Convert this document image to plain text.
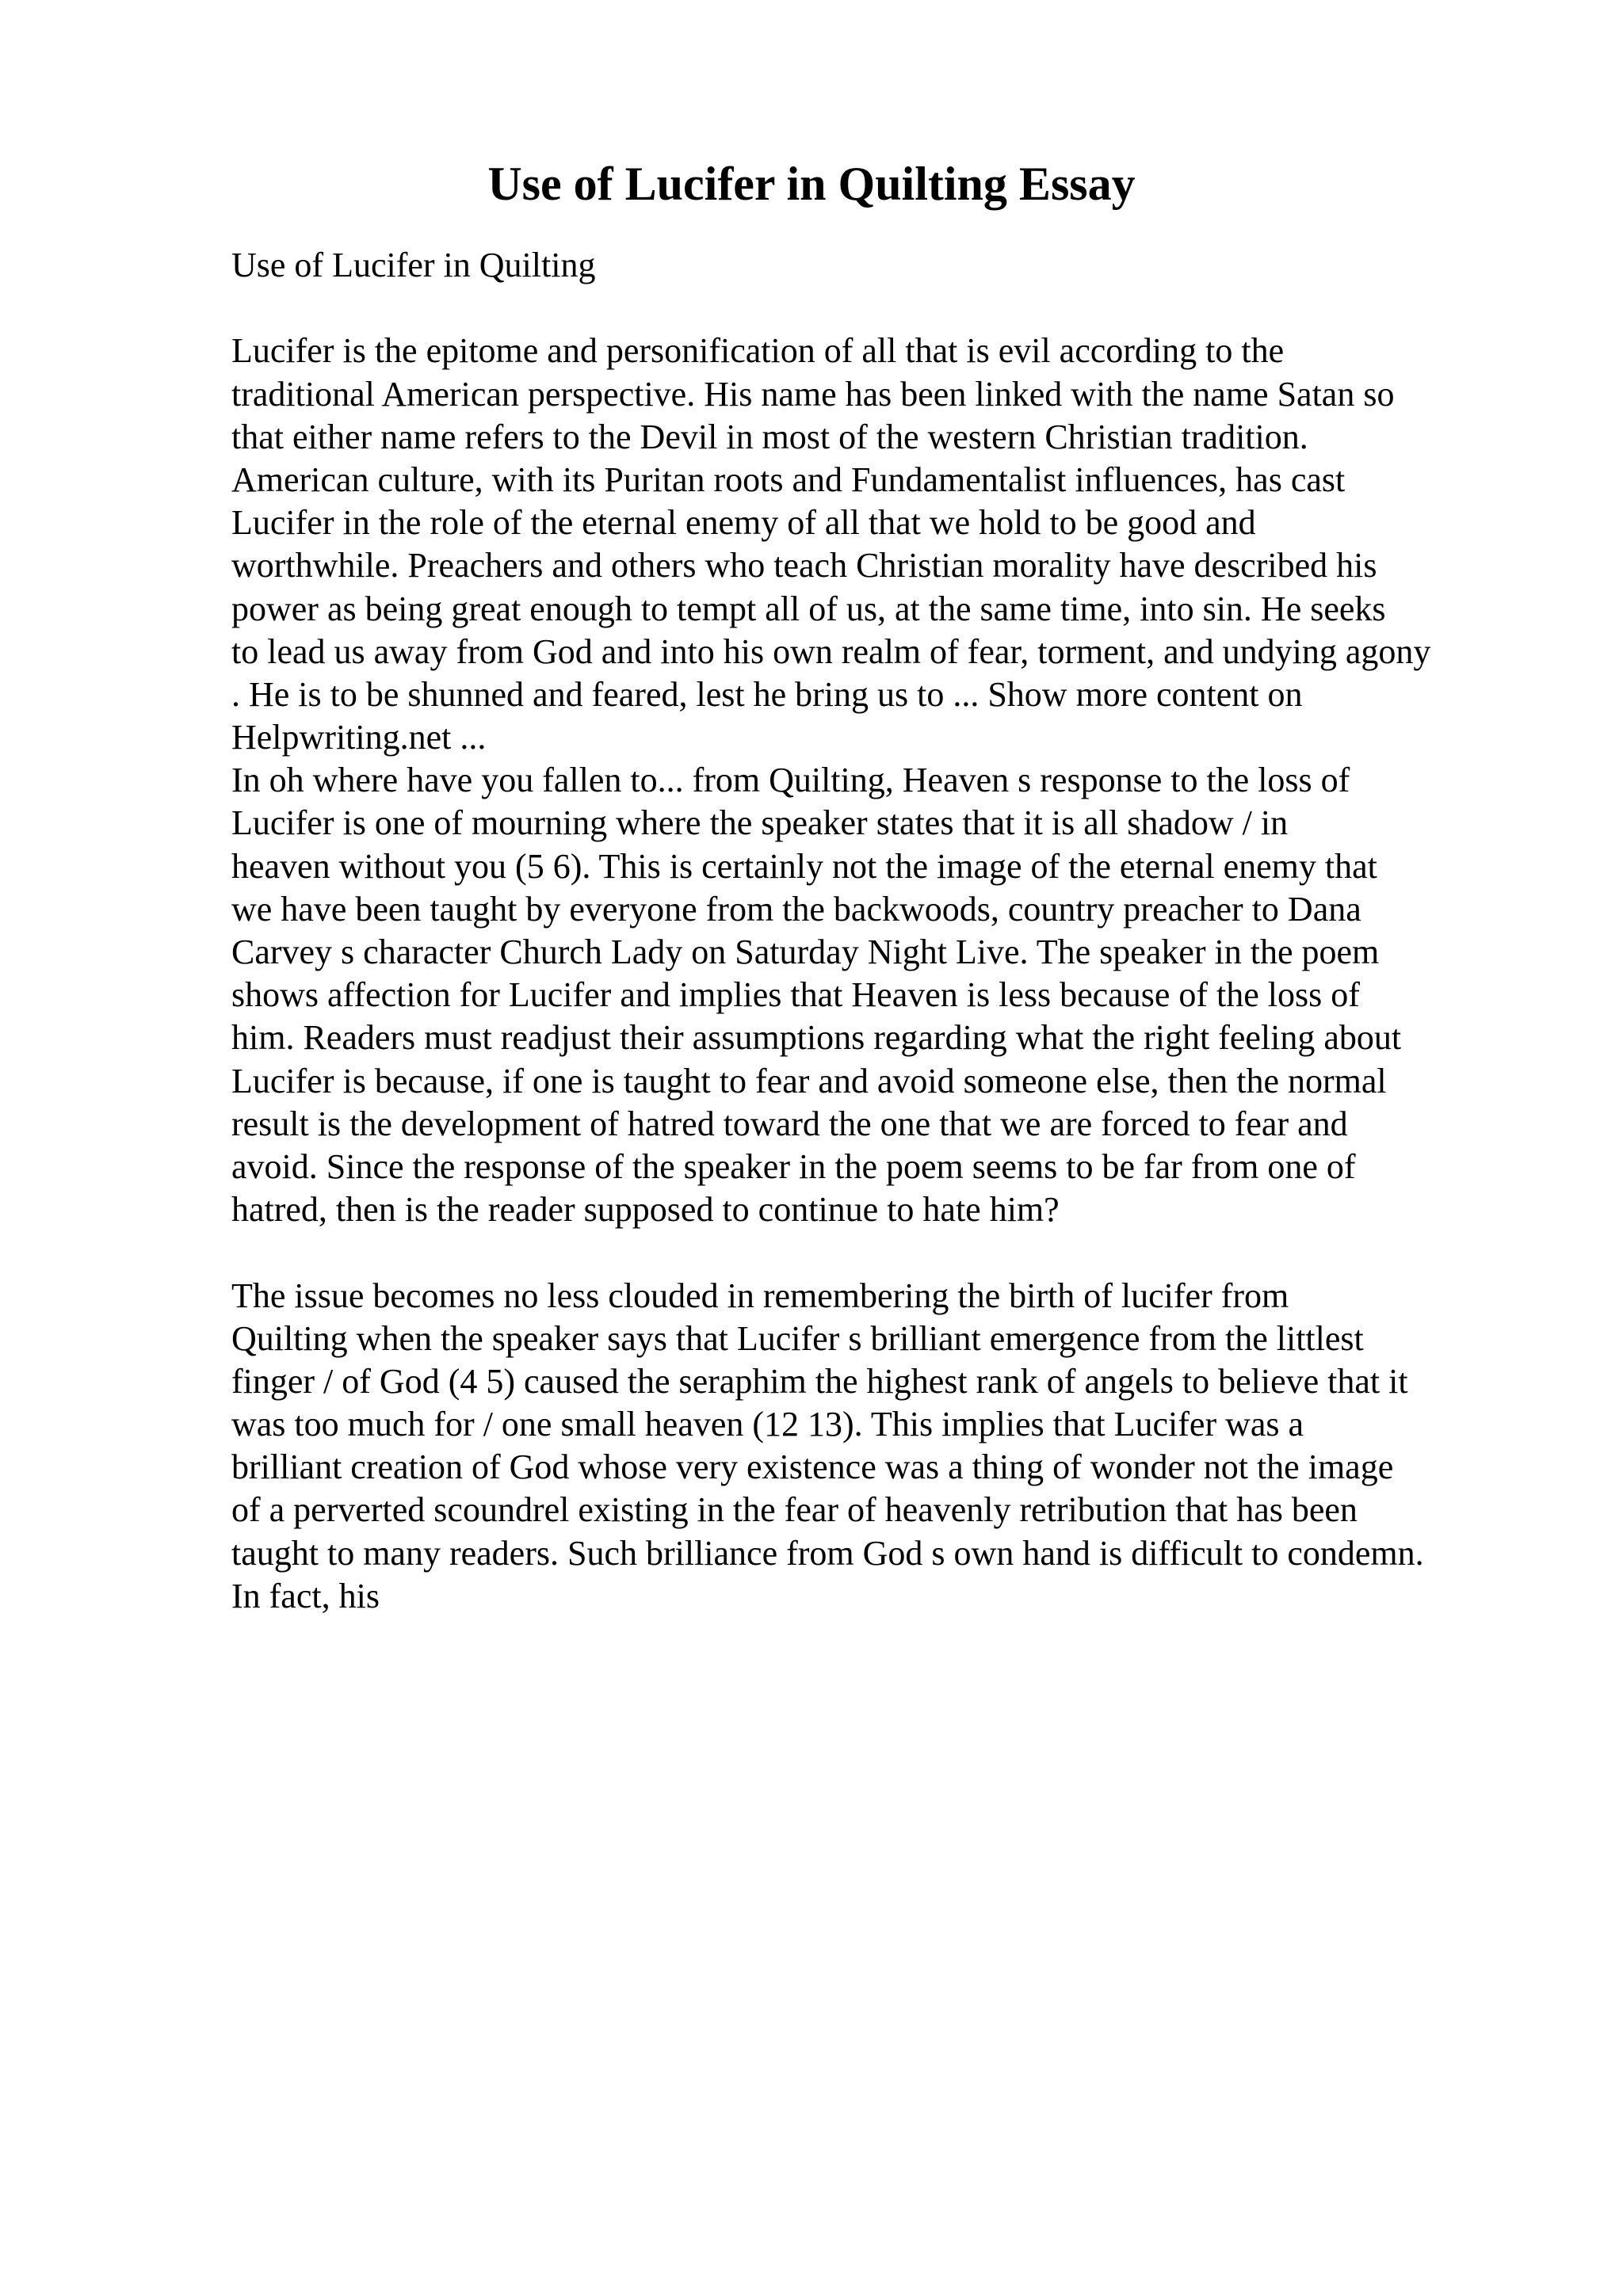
Use of Lucifer in Quilting Essay
Use of Lucifer in Quilting
Lucifer is the epitome and personification of all that is evil according to the
traditional American perspective. His name has been linked with the name Satan so
that either name refers to the Devil in most of the western Christian tradition.
American culture, with its Puritan roots and Fundamentalist influences, has cast
Lucifer in the role of the eternal enemy of all that we hold to be good and
worthwhile. Preachers and others who teach Christian morality have described his
power as being great enough to tempt all of us, at the same time, into sin. He seeks
to lead us away from God and into his own realm of fear, torment, and undying agony
. He is to be shunned and feared, lest he bring us to ... Show more content on
Helpwriting.net ...
In oh where have you fallen to... from Quilting, Heaven s response to the loss of
Lucifer is one of mourning where the speaker states that it is all shadow / in
heaven without you (5 6). This is certainly not the image of the eternal enemy that
we have been taught by everyone from the backwoods, country preacher to Dana
Carvey s character Church Lady on Saturday Night Live. The speaker in the poem
shows affection for Lucifer and implies that Heaven is less because of the loss of
him. Readers must readjust their assumptions regarding what the right feeling about
Lucifer is because, if one is taught to fear and avoid someone else, then the normal
result is the development of hatred toward the one that we are forced to fear and
avoid. Since the response of the speaker in the poem seems to be far from one of
hatred, then is the reader supposed to continue to hate him?
The issue becomes no less clouded in remembering the birth of lucifer from
Quilting when the speaker says that Lucifer s brilliant emergence from the littlest
finger / of God (4 5) caused the seraphim the highest rank of angels to believe that it
was too much for / one small heaven (12 13). This implies that Lucifer was a
brilliant creation of God whose very existence was a thing of wonder not the image
of a perverted scoundrel existing in the fear of heavenly retribution that has been
taught to many readers. Such brilliance from God s own hand is difficult to condemn.
In fact, his
